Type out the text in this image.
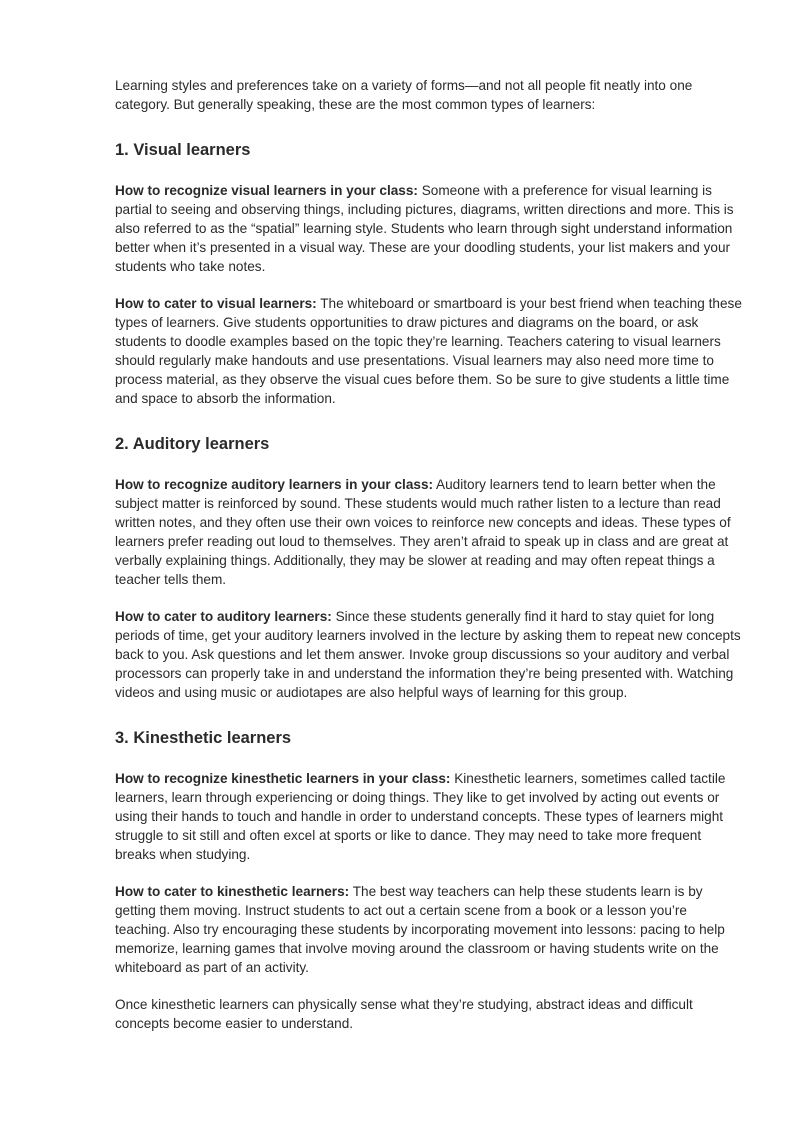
Learning styles and preferences take on a variety of forms—and not all people fit neatly into one category. But generally speaking, these are the most common types of learners:

1. Visual learners

How to recognize visual learners in your class: Someone with a preference for visual learning is partial to seeing and observing things, including pictures, diagrams, written directions and more. This is also referred to as the “spatial” learning style. Students who learn through sight understand information better when it’s presented in a visual way. These are your doodling students, your list makers and your students who take notes.

How to cater to visual learners: The whiteboard or smartboard is your best friend when teaching these types of learners. Give students opportunities to draw pictures and diagrams on the board, or ask students to doodle examples based on the topic they’re learning. Teachers catering to visual learners should regularly make handouts and use presentations. Visual learners may also need more time to process material, as they observe the visual cues before them. So be sure to give students a little time and space to absorb the information.

2. Auditory learners

How to recognize auditory learners in your class: Auditory learners tend to learn better when the subject matter is reinforced by sound. These students would much rather listen to a lecture than read written notes, and they often use their own voices to reinforce new concepts and ideas. These types of learners prefer reading out loud to themselves. They aren’t afraid to speak up in class and are great at verbally explaining things. Additionally, they may be slower at reading and may often repeat things a teacher tells them.

How to cater to auditory learners: Since these students generally find it hard to stay quiet for long periods of time, get your auditory learners involved in the lecture by asking them to repeat new concepts back to you. Ask questions and let them answer. Invoke group discussions so your auditory and verbal processors can properly take in and understand the information they’re being presented with. Watching videos and using music or audiotapes are also helpful ways of learning for this group.

3. Kinesthetic learners

How to recognize kinesthetic learners in your class: Kinesthetic learners, sometimes called tactile learners, learn through experiencing or doing things. They like to get involved by acting out events or using their hands to touch and handle in order to understand concepts. These types of learners might struggle to sit still and often excel at sports or like to dance. They may need to take more frequent breaks when studying.

How to cater to kinesthetic learners: The best way teachers can help these students learn is by getting them moving. Instruct students to act out a certain scene from a book or a lesson you’re teaching. Also try encouraging these students by incorporating movement into lessons: pacing to help memorize, learning games that involve moving around the classroom or having students write on the whiteboard as part of an activity.

Once kinesthetic learners can physically sense what they’re studying, abstract ideas and difficult concepts become easier to understand.
